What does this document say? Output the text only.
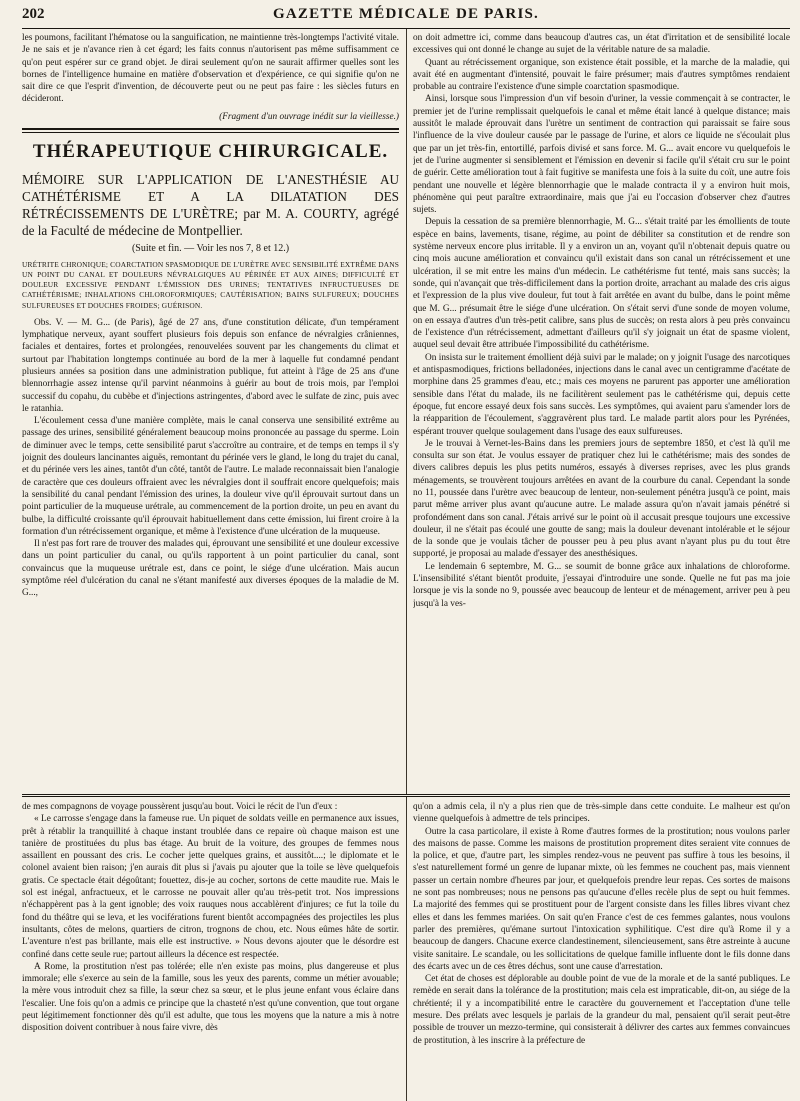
202	GAZETTE MÉDICALE DE PARIS.

les poumons, facilitant l'hématose ou la sanguification, ne maintienne très-longtemps l'activité vitale. Je ne sais et je n'avance rien à cet égard; les faits connus n'autorisent pas même suffisamment ce qu'on peut espérer sur ce grand objet. Je dirai seulement qu'on ne saurait affirmer quelles sont les bornes de l'intelligence humaine en matière d'observation et d'expérience, ce qui signifie qu'on ne sait dire ce que l'esprit d'invention, de découverte peut ou ne peut pas faire : les siècles futurs en décideront.

(Fragment d'un ouvrage inédit sur la vieillesse.)
THÉRAPEUTIQUE CHIRURGICALE.
MÉMOIRE SUR L'APPLICATION DE L'ANESTHÉSIE AU CATHÉTÉRISME ET A LA DILATATION DES RÉTRÉCISSEMENTS DE L'URÈTRE; par M. A. COURTY, agrégé de la Faculté de médecine de Montpellier.
(Suite et fin. — Voir les nos 7, 8 et 12.)
URÉTRITE CHRONIQUE; COARCTATION SPASMODIQUE DE L'URÈTRE AVEC SENSIBILITÉ EXTRÊME DANS UN POINT DU CANAL ET DOULEURS NÉVRALGIQUES AU PÉRINÉE ET AUX AINES; DIFFICULTÉ ET DOULEUR EXCESSIVE PENDANT L'ÉMISSION DES URINES; TENTATIVES INFRUCTUEUSES DE CATHÉTÉRISME; INHALATIONS CHLOROFORMIQUES; CAUTÉRISATION; BAINS SULFUREUX; DOUCHES SULFUREUSES ET DOUCHES FROIDES; GUÉRISON.

Obs. V. — M. G... (de Paris), âgé de 27 ans, d'une constitution délicate, d'un tempérament lymphatique nerveux, ayant souffert plusieurs fois depuis son enfance de névralgies crâniennes, faciales et dentaires, fortes et prolongées, renouvelées souvent par les changements du climat et surtout par l'habitation longtemps continuée au bord de la mer à laquelle fut condamné pendant plusieurs années sa position dans une administration publique, fut atteint à l'âge de 25 ans d'une blennorrhagie assez intense qu'il parvint néanmoins à guérir au bout de trois mois, par l'emploi successif du copahu, du cubèbe et d'injections astringentes, d'abord avec le sulfate de zinc, puis avec le ratanhia.

L'écoulement cessa d'une manière complète, mais le canal conserva une sensibilité extrême au passage des urines, sensibilité généralement beaucoup moins prononcée au passage du sperme. Loin de diminuer avec le temps, cette sensibilité parut s'accroître au contraire, et de temps en temps il s'y joignit des douleurs lancinantes aiguës, remontant du périnée vers le gland, le long du trajet du canal, et du périnée vers les aines, tantôt d'un côté, tantôt de l'autre. Le malade reconnaissait bien l'analogie de caractère que ces douleurs offraient avec les névralgies dont il souffrait encore quelquefois; mais la sensibilité du canal pendant l'émission des urines, la douleur vive qu'il éprouvait surtout dans un point particulier de la muqueuse urétrale, au commencement de la portion droite, un peu en avant du bulbe, la difficulté croissante qu'il éprouvait habituellement dans cette émission, lui firent croire à la formation d'un rétrécissement organique, et même à l'existence d'une ulcération de la muqueuse.

Il n'est pas fort rare de trouver des malades qui, éprouvant une sensibilité et une douleur excessive dans un point particulier du canal, ou qu'ils rapportent à un point particulier du canal, sont convaincus que la muqueuse urétrale est, dans ce point, le siége d'une ulcération. Mais aucun symptôme réel d'ulcération du canal ne s'étant manifesté aux diverses époques de la maladie de M. G...,

on doit admettre ici, comme dans beaucoup d'autres cas, un état d'irritation et de sensibilité locale excessives qui ont donné le change au sujet de la véritable nature de sa maladie.

Quant au rétrécissement organique, son existence était possible, et la marche de la maladie, qui avait été en augmentant d'intensité, pouvait le faire présumer; mais d'autres symptômes rendaient probable au contraire l'existence d'une simple coarctation spasmodique.

Ainsi, lorsque sous l'impression d'un vif besoin d'uriner, la vessie commençait à se contracter, le premier jet de l'urine remplissait quelquefois le canal et même était lancé à quelque distance; mais aussitôt le malade éprouvait dans l'urètre un sentiment de contraction qui paraissait se faire sous l'influence de la vive douleur causée par le passage de l'urine, et alors ce liquide ne s'écoulait plus que par un jet très-fin, entortillé, parfois divisé et sans force. M. G... avait encore vu quelquefois le jet de l'urine augmenter si sensiblement et l'émission en devenir si facile qu'il s'était cru sur le point de guérir. Cette amélioration tout à fait fugitive se manifesta une fois à la suite du coït, une autre fois pendant une nouvelle et légère blennorrhagie que le malade contracta il y a environ huit mois, phénomène qui peut paraître extraordinaire, mais que j'ai eu l'occasion d'observer chez d'autres sujets.

Depuis la cessation de sa première blennorrhagie, M. G... s'était traité par les émollients de toute espèce en bains, lavements, tisane, régime, au point de débiliter sa constitution et de rendre son système nerveux encore plus irritable. Il y a environ un an, voyant qu'il n'obtenait depuis quatre ou cinq mois aucune amélioration et convaincu qu'il existait dans son canal un rétrécissement et une ulcération, il se mit entre les mains d'un médecin. Le cathétérisme fut tenté, mais sans succès; la sonde, qui n'avançait que très-difficilement dans la portion droite, arrachant au malade des cris aigus et l'expression de la plus vive douleur, fut tout à fait arrêtée en avant du bulbe, dans le point même que M. G... présumait être le siége d'une ulcération. On s'était servi d'une sonde de moyen volume, on en essaya d'autres d'un très-petit calibre, sans plus de succès; on resta alors à peu près convaincu de l'existence d'un rétrécissement, admettant d'ailleurs qu'il s'y joignait un état de spasme violent, auquel seul devait être attribuée l'impossibilité du cathétérisme.

On insista sur le traitement émollient déjà suivi par le malade; on y joignit l'usage des narcotiques et antispasmodiques, frictions belladonées, injections dans le canal avec un centigramme d'acétate de morphine dans 25 grammes d'eau, etc.; mais ces moyens ne parurent pas apporter une amélioration sensible dans l'état du malade, ils ne facilitèrent seulement pas le cathétérisme qui, depuis cette époque, fut encore essayé deux fois sans succès. Les symptômes, qui avaient paru s'amender lors de la réapparition de l'écoulement, s'aggravèrent plus tard. Le malade partit alors pour les Pyrénées, espérant trouver quelque soulagement dans l'usage des eaux sulfureuses.

Je le trouvai à Vernet-les-Bains dans les premiers jours de septembre 1850, et c'est là qu'il me consulta sur son état. Je voulus essayer de pratiquer chez lui le cathétérisme; mais des sondes de divers calibres depuis les plus petits numéros, essayés à diverses reprises, avec les plus grands ménagements, se trouvèrent toujours arrêtées en avant de la courbure du canal. Cependant la sonde no 11, poussée dans l'urètre avec beaucoup de lenteur, non-seulement pénétra jusqu'à ce point, mais parut même arriver plus avant qu'aucune autre. Le malade assura qu'on n'avait jamais pénétré si profondément dans son canal. J'étais arrivé sur le point où il accusait presque toujours une excessive douleur, il ne s'était pas écoulé une goutte de sang; mais la douleur devenant intolérable et le séjour de la sonde que je voulais tâcher de pousser peu à peu plus avant n'ayant plus pu du tout être supporté, je proposai au malade d'essayer des anesthésiques.

Le lendemain 6 septembre, M. G... se soumit de bonne grâce aux inhalations de chloroforme. L'insensibilité s'étant bientôt produite, j'essayai d'introduire une sonde. Quelle ne fut pas ma joie lorsque je vis la sonde no 9, poussée avec beaucoup de lenteur et de ménagement, arriver peu à peu jusqu'à la ves-

de mes compagnons de voyage poussèrent jusqu'au bout. Voici le récit de l'un d'eux :

« Le carrosse s'engage dans la fameuse rue. Un piquet de soldats veille en permanence aux issues, prêt à rétablir la tranquillité à chaque instant troublée dans ce repaire où chaque maison est une tanière de prostituées du plus bas étage. Au bruit de la voiture, des groupes de femmes nous assaillent en poussant des cris. Le cocher jette quelques grains, et aussitôt....; le diplomate et le colonel avaient bien raison; j'en aurais dit plus si j'avais pu ajouter que la toile se lève quelquefois gratis. Ce spectacle était dégoûtant; fouettez, dis-je au cocher, sortons de cette maudite rue. Mais le sol est inégal, anfractueux, et le carrosse ne pouvait aller qu'au très-petit trot. Nos impressions n'échappèrent pas à la gent ignoble; des voix rauques nous accablèrent d'injures; ce fut la toile du fond du théâtre qui se leva, et les vociférations furent bientôt accompagnées des projectiles les plus insultants, côtes de melons, quartiers de citron, trognons de chou, etc. Nous eûmes hâte de sortir. L'aventure n'est pas brillante, mais elle est instructive. » Nous devons ajouter que le désordre est confiné dans cette seule rue; partout ailleurs la décence est respectée.

A Rome, la prostitution n'est pas tolérée; elle n'en existe pas moins, plus dangereuse et plus immorale; elle s'exerce au sein de la famille, sous les yeux des parents, comme un métier avouable; la mère vous introduit chez sa fille, la sœur chez sa sœur, et le plus jeune enfant vous éclaire dans l'escalier. Une fois qu'on a admis ce principe que la chasteté n'est qu'une convention, que tout organe peut légitimement fonctionner dès qu'il est adulte, que tous les moyens que la nature a mis à notre disposition doivent contribuer à nous faire vivre, dès

qu'on a admis cela, il n'y a plus rien que de très-simple dans cette conduite. Le malheur est qu'on vienne quelquefois à admettre de tels principes.

Outre la casa particolare, il existe à Rome d'autres formes de la prostitution; nous voulons parler des maisons de passe. Comme les maisons de prostitution proprement dites seraient vite connues de la police, et que, d'autre part, les simples rendez-vous ne peuvent pas suffire à tous les besoins, il s'est naturellement formé un genre de lupanar mixte, où les femmes ne couchent pas, mais viennent passer un certain nombre d'heures par jour, et quelquefois prendre leur repas. Ces sortes de maisons ne sont pas nombreuses; nous ne pensons pas qu'aucune d'elles recèle plus de sept ou huit femmes. La majorité des femmes qui se prostituent pour de l'argent consiste dans les filles libres vivant chez elles et dans les femmes mariées. On sait qu'en France c'est de ces femmes galantes, nous voulons parler des premières, qu'émane surtout l'intoxication syphilitique. C'est dire qu'à Rome il y a beaucoup de dangers. Chacune exerce clandestinement, silencieusement, sans être astreinte à aucune visite sanitaire. Le scandale, ou les sollicitations de quelque famille influente dont le fils donne dans des écarts avec un de ces êtres déchus, sont une cause d'arrestation.

Cet état de choses est déplorable au double point de vue de la morale et de la santé publiques. Le remède en serait dans la tolérance de la prostitution; mais cela est impraticable, dit-on, au siége de la chrétienté; il y a incompatibilité entre le caractère du gouvernement et l'acceptation d'une telle mesure. Des prélats avec lesquels je parlais de la grandeur du mal, pensaient qu'il serait peut-être possible de trouver un mezzo-termine, qui consisterait à délivrer des cartes aux femmes convaincues de prostitution, à les inscrire à la préfecture de
